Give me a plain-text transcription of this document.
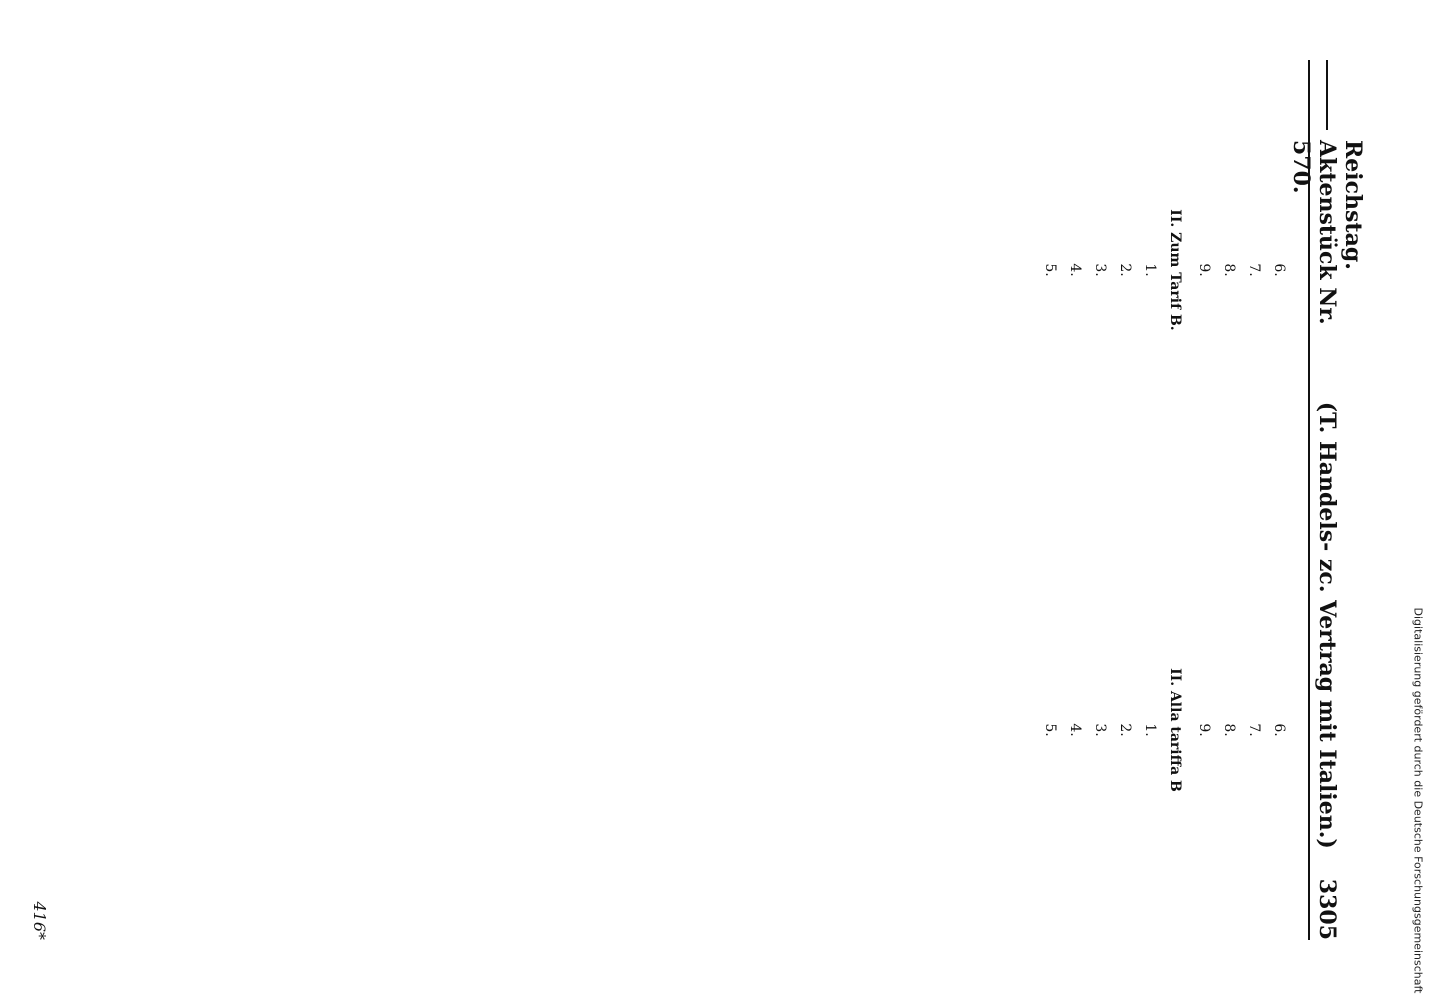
Reichstag. Aktenstück Nr. 570.
(T. Handels- zc. Vertrag mit Italien.)
3305

6.

7.

8.

9.

II. Zum Tarif B.

1.

2.

3.

4.

5.

6.

7.

8.

9.

II. Alla tariffa B

1.

2.

3.

4.

5.

416*	Digitalisierung gefördert durch die Deutsche Forschungsgemeinschaft
